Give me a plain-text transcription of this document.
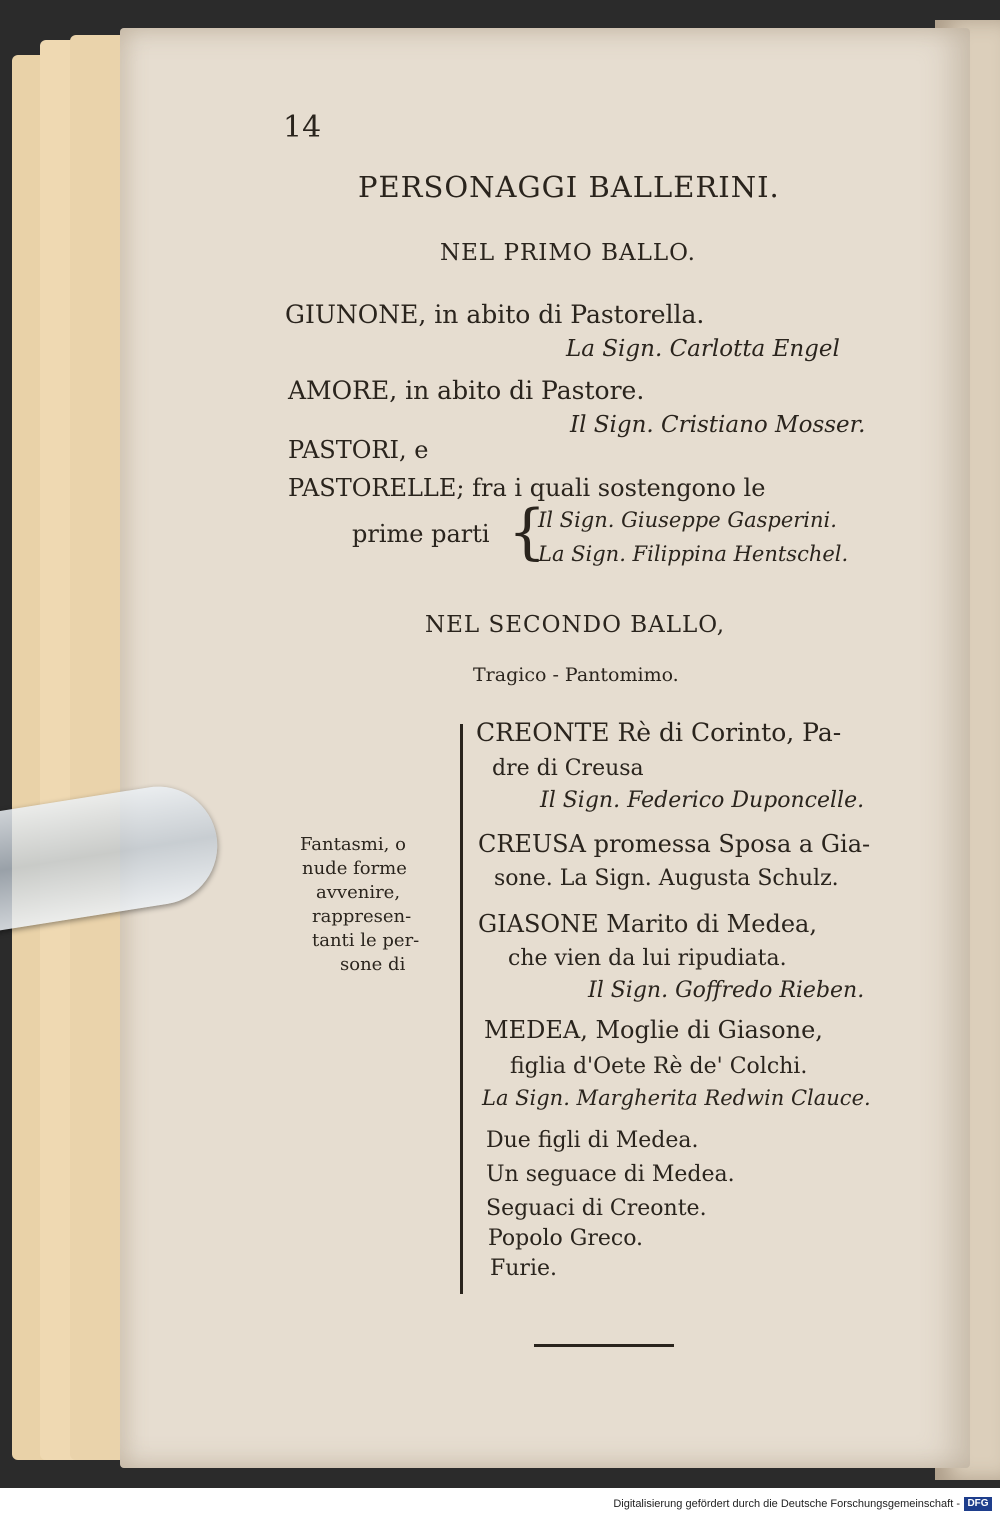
14
PERSONAGGI BALLERINI.
NEL PRIMO BALLO.
GIUNONE, in abito di Pastorella.
La Sign. Carlotta Engel
AMORE, in abito di Pastore.
Il Sign. Cristiano Mosser.
PASTORI, e
PASTORELLE; fra i quali sostengono le
prime parti {
Il Sign. Giuseppe Gasperini.
La Sign. Filippina Hentschel.
NEL SECONDO BALLO,
Tragico - Pantomimo.
Fantasmi, o
nude forme
avvenire,
rappresen-
tanti le per-
sone di
CREONTE Rè di Corinto, Pa-
dre di Creusa
Il Sign. Federico Duponcelle.
CREUSA promessa Sposa a Gia-
sone. La Sign. Augusta Schulz.
GIASONE Marito di Medea,
che vien da lui ripudiata.
Il Sign. Goffredo Rieben.
MEDEA, Moglie di Giasone,
figlia d'Oete Rè de' Colchi.
La Sign. Margherita Redwin Clauce.
Due figli di Medea.
Un seguace di Medea.
Seguaci di Creonte.
Popolo Greco.
Furie.
Digitalisierung gefördert durch die Deutsche Forschungsgemeinschaft - DFG
